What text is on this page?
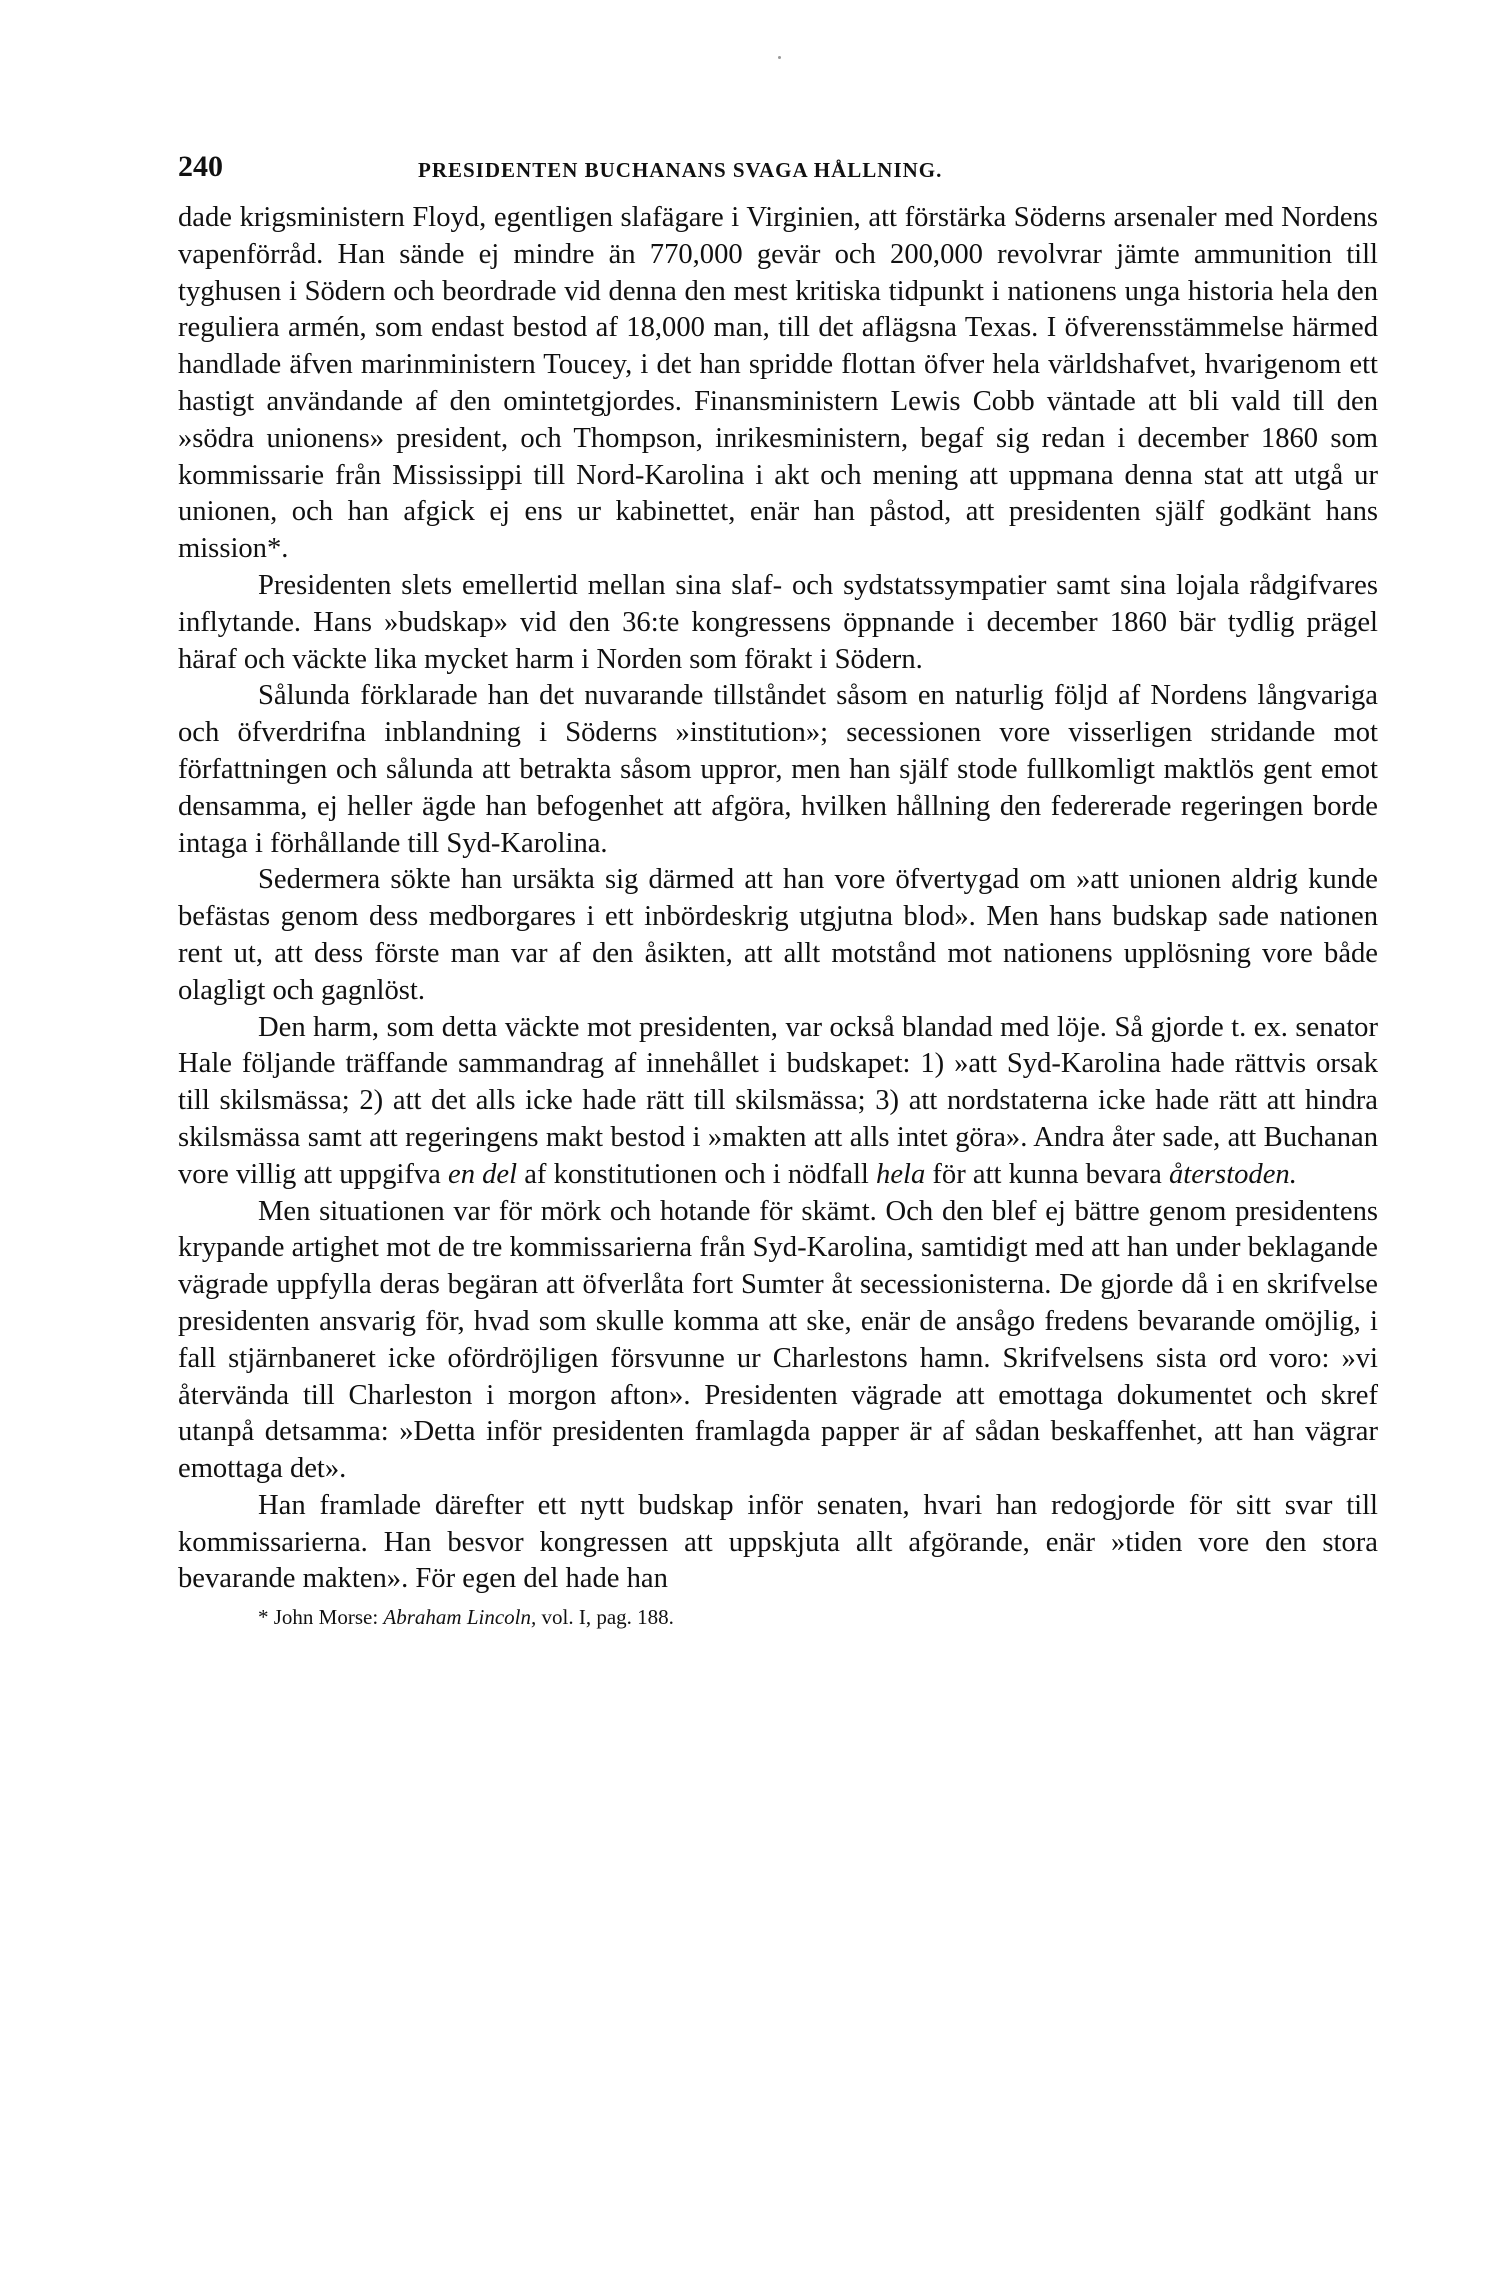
240	PRESIDENTEN BUCHANANS SVAGA HÅLLNING.

dade krigsministern Floyd, egentligen slafägare i Virginien, att förstärka Söderns arsenaler med Nordens vapenförråd. Han sände ej mindre än 770,000 gevär och 200,000 revolvrar jämte ammunition till tyghusen i Södern och beordrade vid denna den mest kritiska tidpunkt i nationens unga historia hela den reguliera armén, som endast bestod af 18,000 man, till det aflägsna Texas. I öfverensstämmelse härmed handlade äfven marinministern Toucey, i det han spridde flottan öfver hela världshafvet, hvarigenom ett hastigt användande af den omintetgjordes. Finansministern Lewis Cobb väntade att bli vald till den »södra unionens» president, och Thompson, inrikesministern, begaf sig redan i december 1860 som kommissarie från Mississippi till Nord-Karolina i akt och mening att uppmana denna stat att utgå ur unionen, och han afgick ej ens ur kabinettet, enär han påstod, att presidenten själf godkänt hans mission*.

Presidenten slets emellertid mellan sina slaf- och sydstatssympatier samt sina lojala rådgifvares inflytande. Hans »budskap» vid den 36:te kongressens öppnande i december 1860 bär tydlig prägel häraf och väckte lika mycket harm i Norden som förakt i Södern.

Sålunda förklarade han det nuvarande tillståndet såsom en naturlig följd af Nordens långvariga och öfverdrifna inblandning i Söderns »institution»; secessionen vore visserligen stridande mot författningen och sålunda att betrakta såsom uppror, men han själf stode fullkomligt maktlös gent emot densamma, ej heller ägde han befogenhet att afgöra, hvilken hållning den federerade regeringen borde intaga i förhållande till Syd-Karolina.

Sedermera sökte han ursäkta sig därmed att han vore öfvertygad om »att unionen aldrig kunde befästas genom dess medborgares i ett inbördeskrig utgjutna blod». Men hans budskap sade nationen rent ut, att dess förste man var af den åsikten, att allt motstånd mot nationens upplösning vore både olagligt och gagnlöst.

Den harm, som detta väckte mot presidenten, var också blandad med löje. Så gjorde t. ex. senator Hale följande träffande sammandrag af innehållet i budskapet: 1) »att Syd-Karolina hade rättvis orsak till skilsmässa; 2) att det alls icke hade rätt till skilsmässa; 3) att nordstaterna icke hade rätt att hindra skilsmässa samt att regeringens makt bestod i »makten att alls intet göra». Andra åter sade, att Buchanan vore villig att uppgifva en del af konstitutionen och i nödfall hela för att kunna bevara återstoden.

Men situationen var för mörk och hotande för skämt. Och den blef ej bättre genom presidentens krypande artighet mot de tre kommissarierna från Syd-Karolina, samtidigt med att han under beklagande vägrade uppfylla deras begäran att öfverlåta fort Sumter åt secessionisterna. De gjorde då i en skrifvelse presidenten ansvarig för, hvad som skulle komma att ske, enär de ansågo fredens bevarande omöjlig, i fall stjärnbaneret icke ofördröjligen försvunne ur Charlestons hamn. Skrifvelsens sista ord voro: »vi återvända till Charleston i morgon afton». Presidenten vägrade att emottaga dokumentet och skref utanpå detsamma: »Detta inför presidenten framlagda papper är af sådan beskaffenhet, att han vägrar emottaga det».

Han framlade därefter ett nytt budskap inför senaten, hvari han redogjorde för sitt svar till kommissarierna. Han besvor kongressen att uppskjuta allt afgörande, enär »tiden vore den stora bevarande makten». För egen del hade han

* John Morse: Abraham Lincoln, vol. I, pag. 188.
